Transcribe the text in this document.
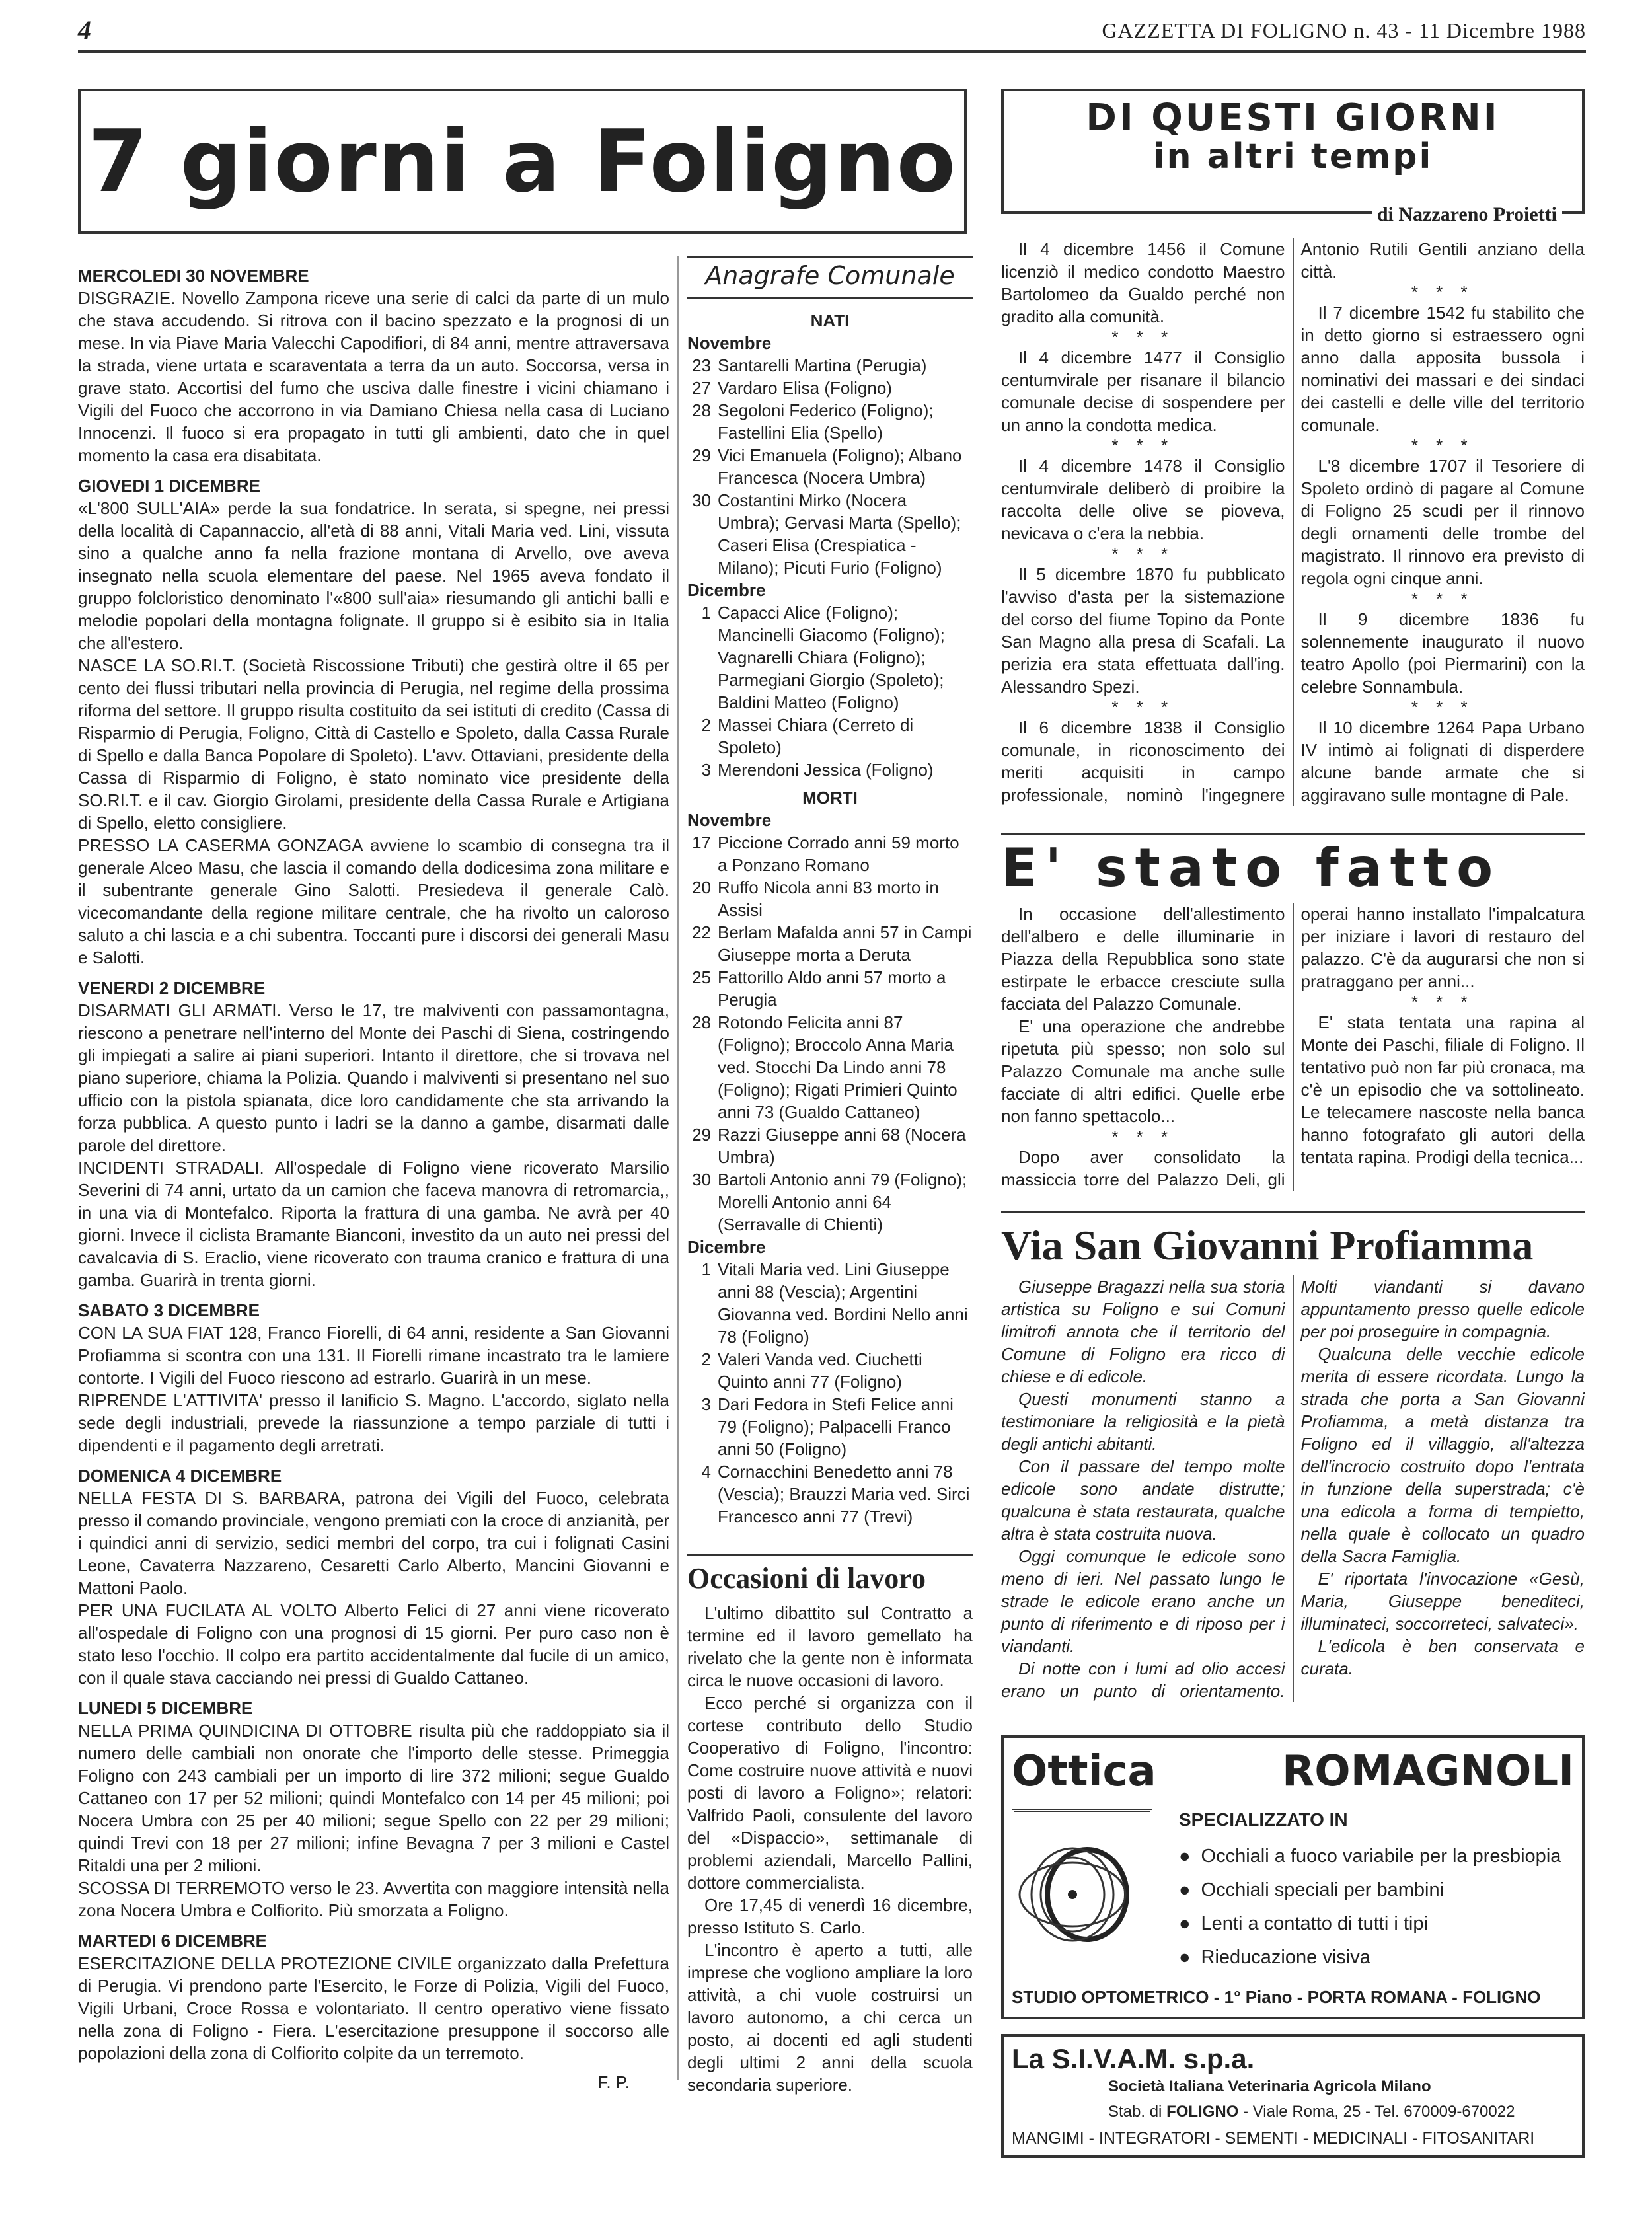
4	GAZZETTA DI FOLIGNO n. 43 - 11 Dicembre 1988
7 giorni a Foligno

MERCOLEDI 30 NOVEMBRE

DISGRAZIE. Novello Zampona riceve una serie di calci da parte di un mulo che stava accudendo. Si ritrova con il bacino spezzato e la prognosi di un mese. In via Piave Maria Valecchi Capodifiori, di 84 anni, mentre attraversava la strada, viene urtata e scaraventata a terra da un auto. Soccorsa, versa in grave stato. Accortisi del fumo che usciva dalle finestre i vicini chiamano i Vigili del Fuoco che accorrono in via Damiano Chiesa nella casa di Luciano Innocenzi. Il fuoco si era propagato in tutti gli ambienti, dato che in quel momento la casa era disabitata.

GIOVEDI 1 DICEMBRE

«L'800 SULL'AIA» perde la sua fondatrice. In serata, si spegne, nei pressi della località di Capannaccio, all'età di 88 anni, Vitali Maria ved. Lini, vissuta sino a qualche anno fa nella frazione montana di Arvello, ove aveva insegnato nella scuola elementare del paese. Nel 1965 aveva fondato il gruppo folcloristico denominato l'«800 sull'aia» riesumando gli antichi balli e melodie popolari della montagna folignate. Il gruppo si è esibito sia in Italia che all'estero.

NASCE LA SO.RI.T. (Società Riscossione Tributi) che gestirà oltre il 65 per cento dei flussi tributari nella provincia di Perugia, nel regime della prossima riforma del settore. Il gruppo risulta costituito da sei istituti di credito (Cassa di Risparmio di Perugia, Foligno, Città di Castello e Spoleto, dalla Cassa Rurale di Spello e dalla Banca Popolare di Spoleto). L'avv. Ottaviani, presidente della Cassa di Risparmio di Foligno, è stato nominato vice presidente della SO.RI.T. e il cav. Giorgio Girolami, presidente della Cassa Rurale e Artigiana di Spello, eletto consigliere.

PRESSO LA CASERMA GONZAGA avviene lo scambio di consegna tra il generale Alceo Masu, che lascia il comando della dodicesima zona militare e il subentrante generale Gino Salotti. Presiedeva il generale Calò. vicecomandante della regione militare centrale, che ha rivolto un caloroso saluto a chi lascia e a chi subentra. Toccanti pure i discorsi dei generali Masu e Salotti.

VENERDI 2 DICEMBRE

DISARMATI GLI ARMATI. Verso le 17, tre malviventi con passamontagna, riescono a penetrare nell'interno del Monte dei Paschi di Siena, costringendo gli impiegati a salire ai piani superiori. Intanto il direttore, che si trovava nel piano superiore, chiama la Polizia. Quando i malviventi si presentano nel suo ufficio con la pistola spianata, dice loro candidamente che sta arrivando la forza pubblica. A questo punto i ladri se la danno a gambe, disarmati dalle parole del direttore.

INCIDENTI STRADALI. All'ospedale di Foligno viene ricoverato Marsilio Severini di 74 anni, urtato da un camion che faceva manovra di retromarcia,, in una via di Montefalco. Riporta la frattura di una gamba. Ne avrà per 40 giorni. Invece il ciclista Bramante Bianconi, investito da un auto nei pressi del cavalcavia di S. Eraclio, viene ricoverato con trauma cranico e frattura di una gamba. Guarirà in trenta giorni.

SABATO 3 DICEMBRE

CON LA SUA FIAT 128, Franco Fiorelli, di 64 anni, residente a San Giovanni Profiamma si scontra con una 131. Il Fiorelli rimane incastrato tra le lamiere contorte. I Vigili del Fuoco riescono ad estrarlo. Guarirà in un mese.

RIPRENDE L'ATTIVITA' presso il lanificio S. Magno. L'accordo, siglato nella sede degli industriali, prevede la riassunzione a tempo parziale di tutti i dipendenti e il pagamento degli arretrati.

DOMENICA 4 DICEMBRE

NELLA FESTA DI S. BARBARA, patrona dei Vigili del Fuoco, celebrata presso il comando provinciale, vengono premiati con la croce di anzianità, per i quindici anni di servizio, sedici membri del corpo, tra cui i folignati Casini Leone, Cavaterra Nazzareno, Cesaretti Carlo Alberto, Mancini Giovanni e Mattoni Paolo.

PER UNA FUCILATA AL VOLTO Alberto Felici di 27 anni viene ricoverato all'ospedale di Foligno con una prognosi di 15 giorni. Per puro caso non è stato leso l'occhio. Il colpo era partito accidentalmente dal fucile di un amico, con il quale stava cacciando nei pressi di Gualdo Cattaneo.

LUNEDI 5 DICEMBRE

NELLA PRIMA QUINDICINA DI OTTOBRE risulta più che raddoppiato sia il numero delle cambiali non onorate che l'importo delle stesse. Primeggia Foligno con 243 cambiali per un importo di lire 372 milioni; segue Gualdo Cattaneo con 17 per 52 milioni; quindi Montefalco con 14 per 45 milioni; poi Nocera Umbra con 25 per 40 milioni; segue Spello con 22 per 29 milioni; quindi Trevi con 18 per 27 milioni; infine Bevagna 7 per 3 milioni e Castel Ritaldi una per 2 milioni.

SCOSSA DI TERREMOTO verso le 23. Avvertita con maggiore intensità nella zona Nocera Umbra e Colfiorito. Più smorzata a Foligno.

MARTEDI 6 DICEMBRE

ESERCITAZIONE DELLA PROTEZIONE CIVILE organizzato dalla Prefettura di Perugia. Vi prendono parte l'Esercito, le Forze di Polizia, Vigili del Fuoco, Vigili Urbani, Croce Rossa e volontariato. Il centro operativo viene fissato nella zona di Foligno - Fiera. L'esercitazione presuppone il soccorso alle popolazioni della zona di Colfiorito colpite da un terremoto.

F. P.
Anagrafe Comunale
NATI
Novembre
23 Santarelli Martina (Perugia)
27 Vardaro Elisa (Foligno)
28 Segoloni Federico (Foligno); Fastellini Elia (Spello)
29 Vici Emanuela (Foligno); Albano Francesca (Nocera Umbra)
30 Costantini Mirko (Nocera Umbra); Gervasi Marta (Spello); Caseri Elisa (Crespiatica - Milano); Picuti Furio (Foligno)
Dicembre
1 Capacci Alice (Foligno); Mancinelli Giacomo (Foligno); Vagnarelli Chiara (Foligno); Parmegiani Giorgio (Spoleto); Baldini Matteo (Foligno)
2 Massei Chiara (Cerreto di Spoleto)
3 Merendoni Jessica (Foligno)
MORTI
Novembre
17 Piccione Corrado anni 59 morto a Ponzano Romano
20 Ruffo Nicola anni 83 morto in Assisi
22 Berlam Mafalda anni 57 in Campi Giuseppe morta a Deruta
25 Fattorillo Aldo anni 57 morto a Perugia
28 Rotondo Felicita anni 87 (Foligno); Broccolo Anna Maria ved. Stocchi Da Lindo anni 78 (Foligno); Rigati Primieri Quinto anni 73 (Gualdo Cattaneo)
29 Razzi Giuseppe anni 68 (Nocera Umbra)
30 Bartoli Antonio anni 79 (Foligno); Morelli Antonio anni 64 (Serravalle di Chienti)
Dicembre
1 Vitali Maria ved. Lini Giuseppe anni 88 (Vescia); Argentini Giovanna ved. Bordini Nello anni 78 (Foligno)
2 Valeri Vanda ved. Ciuchetti Quinto anni 77 (Foligno)
3 Dari Fedora in Stefi Felice anni 79 (Foligno); Palpacelli Franco anni 50 (Foligno)
4 Cornacchini Benedetto anni 78 (Vescia); Brauzzi Maria ved. Sirci Francesco anni 77 (Trevi)
Occasioni di lavoro

L'ultimo dibattito sul Contratto a termine ed il lavoro gemellato ha rivelato che la gente non è informata circa le nuove occasioni di lavoro.

Ecco perché si organizza con il cortese contributo dello Studio Cooperativo di Foligno, l'incontro: Come costruire nuove attività e nuovi posti di lavoro a Foligno»; relatori: Valfrido Paoli, consulente del lavoro del «Dispaccio», settimanale di problemi aziendali, Marcello Pallini, dottore commercialista.

Ore 17,45 di venerdì 16 dicembre, presso Istituto S. Carlo.

L'incontro è aperto a tutti, alle imprese che vogliono ampliare la loro attività, a chi vuole costruirsi un lavoro autonomo, a chi cerca un posto, ai docenti ed agli studenti degli ultimi 2 anni della scuola secondaria superiore.

DI QUESTI GIORNI
in altri tempi
di Nazzareno Proietti

Il 4 dicembre 1456 il Comune licenziò il medico condotto Maestro Bartolomeo da Gualdo perché non gradito alla comunità.

* * *

Il 4 dicembre 1477 il Consiglio centumvirale per risanare il bilancio comunale decise di sospendere per un anno la condotta medica.

* * *

Il 4 dicembre 1478 il Consiglio centumvirale deliberò di proibire la raccolta delle olive se pioveva, nevicava o c'era la nebbia.

* * *

Il 5 dicembre 1870 fu pubblicato l'avviso d'asta per la sistemazione del corso del fiume Topino da Ponte San Magno alla presa di Scafali. La perizia era stata effettuata dall'ing. Alessandro Spezi.

* * *

Il 6 dicembre 1838 il Consiglio comunale, in riconoscimento dei meriti acquisiti in campo professionale, nominò l'ingegnere Antonio Rutili Gentili anziano della città.

* * *

Il 7 dicembre 1542 fu stabilito che in detto giorno si estraessero ogni anno dalla apposita bussola i nominativi dei massari e dei sindaci dei castelli e delle ville del territorio comunale.

* * *

L'8 dicembre 1707 il Tesoriere di Spoleto ordinò di pagare al Comune di Foligno 25 scudi per il rinnovo degli ornamenti delle trombe del magistrato. Il rinnovo era previsto di regola ogni cinque anni.

* * *

Il 9 dicembre 1836 fu solennemente inaugurato il nuovo teatro Apollo (poi Piermarini) con la celebre Sonnambula.

* * *

Il 10 dicembre 1264 Papa Urbano IV intimò ai folignati di disperdere alcune bande armate che si aggiravano sulle montagne di Pale.

E' stato fatto

In occasione dell'allestimento dell'albero e delle illuminarie in Piazza della Repubblica sono state estirpate le erbacce cresciute sulla facciata del Palazzo Comunale.

E' una operazione che andrebbe ripetuta più spesso; non solo sul Palazzo Comunale ma anche sulle facciate di altri edifici. Quelle erbe non fanno spettacolo...

* * *

Dopo aver consolidato la massiccia torre del Palazzo Deli, gli operai hanno installato l'impalcatura per iniziare i lavori di restauro del palazzo. C'è da augurarsi che non si pratraggano per anni...

* * *

E' stata tentata una rapina al Monte dei Paschi, filiale di Foligno. Il tentativo può non far più cronaca, ma c'è un episodio che va sottolineato. Le telecamere nascoste nella banca hanno fotografato gli autori della tentata rapina. Prodigi della tecnica...

Via San Giovanni Profiamma

Giuseppe Bragazzi nella sua storia artistica su Foligno e sui Comuni limitrofi annota che il territorio del Comune di Foligno era ricco di chiese e di edicole.

Questi monumenti stanno a testimoniare la religiosità e la pietà degli antichi abitanti.

Con il passare del tempo molte edicole sono andate distrutte; qualcuna è stata restaurata, qualche altra è stata costruita nuova.

Oggi comunque le edicole sono meno di ieri. Nel passato lungo le strade le edicole erano anche un punto di riferimento e di riposo per i viandanti.

Di notte con i lumi ad olio accesi erano un punto di orientamento. Molti viandanti si davano appuntamento presso quelle edicole per poi proseguire in compagnia.

Qualcuna delle vecchie edicole merita di essere ricordata. Lungo la strada che porta a San Giovanni Profiamma, a metà distanza tra Foligno ed il villaggio, all'altezza dell'incrocio costruito dopo l'entrata in funzione della superstrada; c'è una edicola a forma di tempietto, nella quale è collocato un quadro della Sacra Famiglia.

E' riportata l'invocazione «Gesù, Maria, Giuseppe benediteci, illuminateci, soccorreteci, salvateci».

L'edicola è ben conservata e curata.

Ottica	ROMAGNOLI
SPECIALIZZATO IN
● Occhiali a fuoco variabile per la presbiopia
● Occhiali speciali per bambini
● Lenti a contatto di tutti i tipi
● Rieducazione visiva
STUDIO OPTOMETRICO - 1° Piano - PORTA ROMANA - FOLIGNO
La S.I.V.A.M. s.p.a.
Società Italiana Veterinaria Agricola Milano
Stab. di FOLIGNO - Viale Roma, 25 - Tel. 670009-670022
MANGIMI - INTEGRATORI - SEMENTI - MEDICINALI - FITOSANITARI
